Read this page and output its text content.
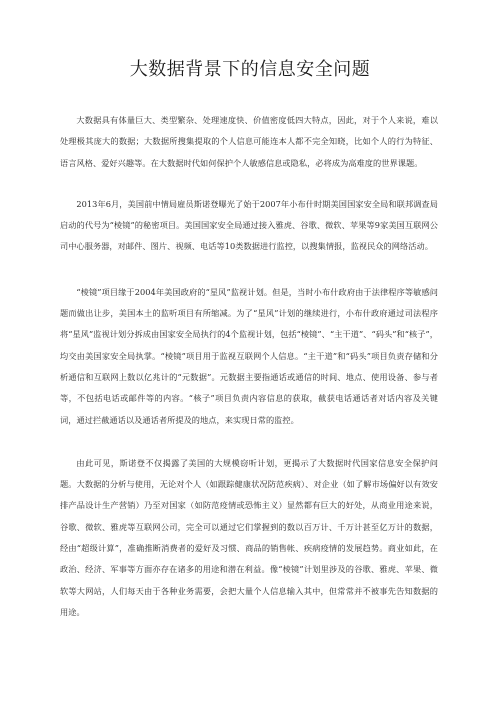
大数据背景下的信息安全问题

大数据具有体量巨大、类型繁杂、处理速度快、价值密度低四大特点，因此，对于个人来说，难以处理极其庞大的数据；大数据所搜集提取的个人信息可能连本人都不完全知晓，比如个人的行为特征、语言风格、爱好兴趣等。在大数据时代如何保护个人敏感信息或隐私，必将成为高难度的世界课题。

2013年6月，美国前中情局雇员斯诺登曝光了始于2007年小布什时期美国国家安全局和联邦调查局启动的代号为“棱镜”的秘密项目。美国国家安全局通过接入雅虎、谷歌、微软、苹果等9家美国互联网公司中心服务器，对邮件、图片、视频、电话等10类数据进行监控，以搜集情报，监视民众的网络活动。

“棱镜”项目缘于2004年美国政府的“星风”监视计划。但是，当时小布什政府由于法律程序等敏感问题而做出让步，美国本土的监听项目有所缩减。为了“星风”计划的继续进行，小布什政府通过司法程序将“星风”监视计划分拆成由国家安全局执行的4个监视计划，包括“棱镜”、“主干道”、“码头”和“核子”，均交由美国家安全局执掌。“棱镜”项目用于监视互联网个人信息。“主干道”和“码头”项目负责存储和分析通信和互联网上数以亿兆计的“元数据”。元数据主要指通话或通信的时间、地点、使用设备、参与者等，不包括电话或邮件等的内容。“核子”项目负责内容信息的获取，截获电话通话者对话内容及关键词，通过拦截通话以及通话者所提及的地点，来实现日常的监控。

由此可见，斯诺登不仅揭露了美国的大规模窃听计划，更揭示了大数据时代国家信息安全保护问题。大数据的分析与使用，无论对个人（如跟踪健康状况防范疾病）、对企业（如了解市场偏好以有效安排产品设计生产营销）乃至对国家（如防范疫情或恐怖主义）显然都有巨大的好处，从商业用途来说，谷歌、微软、雅虎等互联网公司，完全可以通过它们掌握到的数以百万计、千万计甚至亿万计的数据，经由“超级计算”，准确推断消费者的爱好及习惯、商品的销售帐、疾病疫情的发展趋势。商业如此，在政治、经济、军事等方面亦存在诸多的用途和潜在利益。像“棱镜”计划里涉及的谷歌、雅虎、苹果、微软等大网站，人们每天由于各种业务需要，会把大量个人信息输入其中，但常常并不被事先告知数据的用途。
